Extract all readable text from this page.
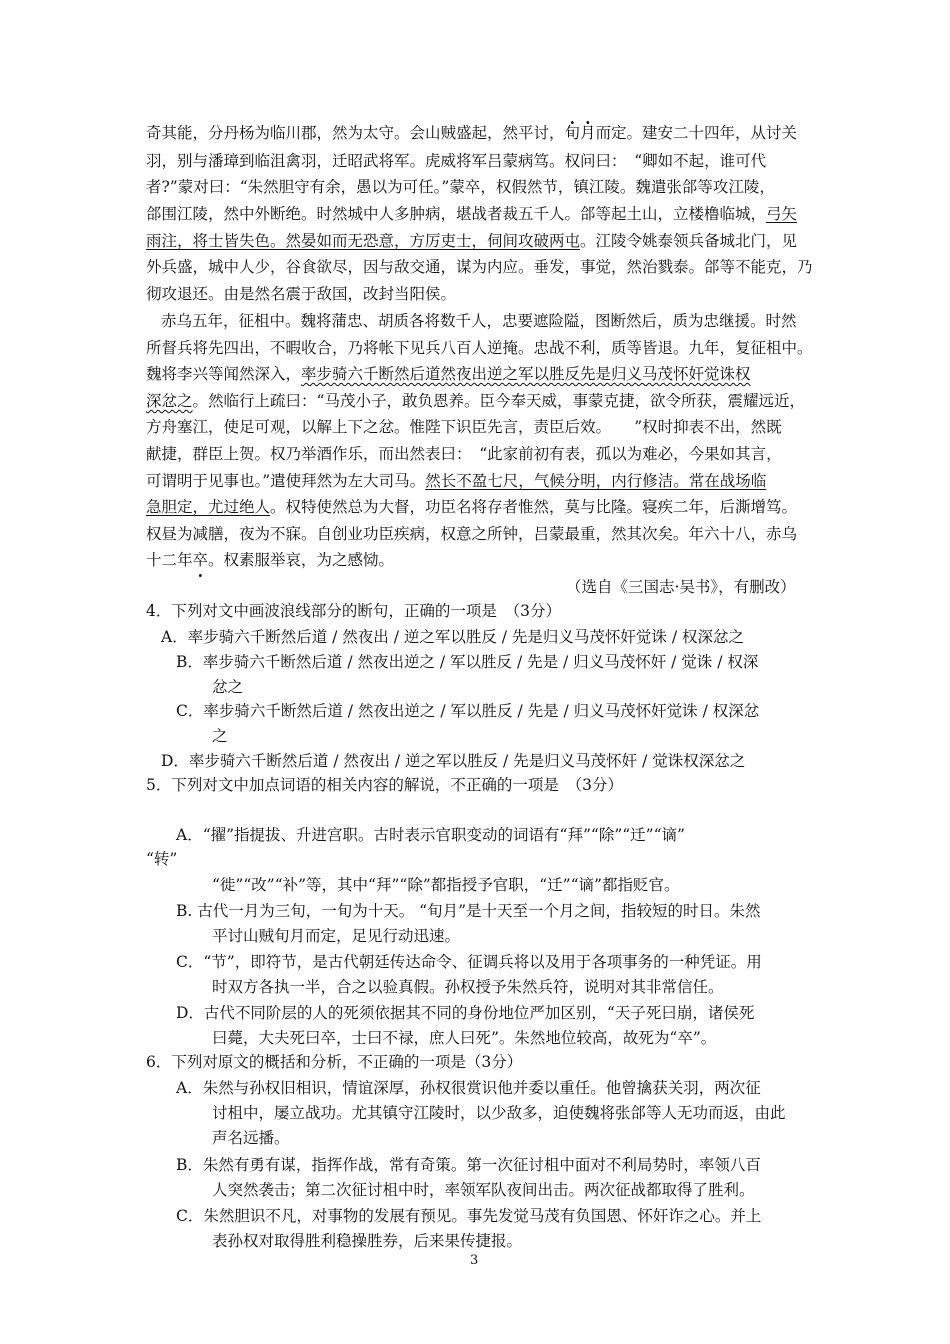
奇其能，分丹杨为临川郡，然为太守。会山贼盛起，然平讨，旬月而定。建安二十四年，从讨关
羽，别与潘璋到临沮禽羽，迁昭武将军。虎威将军吕蒙病笃。权问曰：　“卿如不起，谁可代
者?”蒙对曰：“朱然胆守有余，愚以为可任。”蒙卒，权假然节，镇江陵。魏遣张郃等攻江陵，
郃围江陵，然中外断绝。时然城中人多肿病，堪战者裁五千人。郃等起土山，立楼橹临城，弓矢
雨注，将士皆失色。然晏如而无恐意，方厉吏士，伺间攻破两屯。江陵令姚泰领兵备城北门，见
外兵盛，城中人少，谷食欲尽，因与敌交通，谋为内应。垂发，事觉，然治戮泰。郃等不能克，乃
彻攻退还。由是然名震于敌国，改封当阳侯。
赤乌五年，征柤中。魏将蒲忠、胡质各将数千人，忠要遮险隘，图断然后，质为忠继援。时然
所督兵将先四出，不暇收合，乃将帐下见兵八百人逆掩。忠战不利，质等皆退。九年，复征柤中。
魏将李兴等闻然深入，率步骑六千断然后道然夜出逆之军以胜反先是归义马茂怀奸觉诛权
深忿之。然临行上疏曰：“马茂小子，敢负恩养。臣今奉天威，事蒙克捷，欲令所获，震耀远近，
方舟塞江，使足可观，以解上下之忿。惟陛下识臣先言，责臣后效。　　”权时抑表不出，然既
献捷，群臣上贺。权乃举酒作乐，而出然表曰：　“此家前初有表，孤以为难必，今果如其言，
可谓明于见事也。”遣使拜然为左大司马。然长不盈七尺，气候分明，内行修洁。常在战场临
急胆定，尤过绝人。权特使然总为大督，功臣名将存者惟然，莫与比隆。寝疾二年，后澌增笃。
权昼为减膳，夜为不寐。自创业功臣疾病，权意之所钟，吕蒙最重，然其次矣。年六十八，赤乌
十二年卒。权素服举哀，为之感恸。
（选自《三国志·吴书》，有删改）
4．下列对文中画波浪线部分的断句，正确的一项是　（3分）
A．率步骑六千断然后道 / 然夜出 / 逆之军以胜反 / 先是归义马茂怀奸觉诛 / 权深忿之
B．率步骑六千断然后道 / 然夜出逆之 / 军以胜反 / 先是 / 归义马茂怀奸 / 觉诛 / 权深
忿之
C．率步骑六千断然后道 / 然夜出逆之 / 军以胜反 / 先是 / 归义马茂怀奸觉诛 / 权深忿
之
D．率步骑六千断然后道 / 然夜出 / 逆之军以胜反 / 先是归义马茂怀奸 / 觉诛权深忿之
5．下列对文中加点词语的相关内容的解说，不正确的一项是　（3分）
A．“擢”指提拔、升进宫职。古时表示官职变动的词语有“拜”“除”“迁”“谪”
“转”
“徙”“改”“补”等，其中“拜”“除”都指授予官职，“迁”“谪”都指贬官。
B. 古代一月为三旬，一旬为十天。 “旬月”是十天至一个月之间，指较短的时日。朱然
平讨山贼旬月而定，足见行动迅速。
C．“节”，即符节，是古代朝廷传达命令、征调兵将以及用于各项事务的一种凭证。用
时双方各执一半，合之以验真假。孙权授予朱然兵符，说明对其非常信任。
D．古代不同阶层的人的死须依据其不同的身份地位严加区别，“天子死曰崩，诸侯死
曰薨，大夫死曰卒，士曰不禄，庶人曰死”。朱然地位较高，故死为“卒”。
6．下列对原文的概括和分析，不正确的一项是（3分）
A．朱然与孙权旧相识，情谊深厚，孙权很赏识他并委以重任。他曾擒获关羽，两次征
讨柤中，屡立战功。尤其镇守江陵时，以少敌多，迫使魏将张郃等人无功而返，由此
声名远播。
B．朱然有勇有谋，指挥作战，常有奇策。第一次征讨柤中面对不利局势时，率领八百
人突然袭击；第二次征讨柤中时，率领军队夜间出击。两次征战都取得了胜利。
C．朱然胆识不凡，对事物的发展有预见。事先发觉马茂有负国恩、怀奸诈之心。并上
表孙权对取得胜利稳操胜券，后来果传捷报。
3
